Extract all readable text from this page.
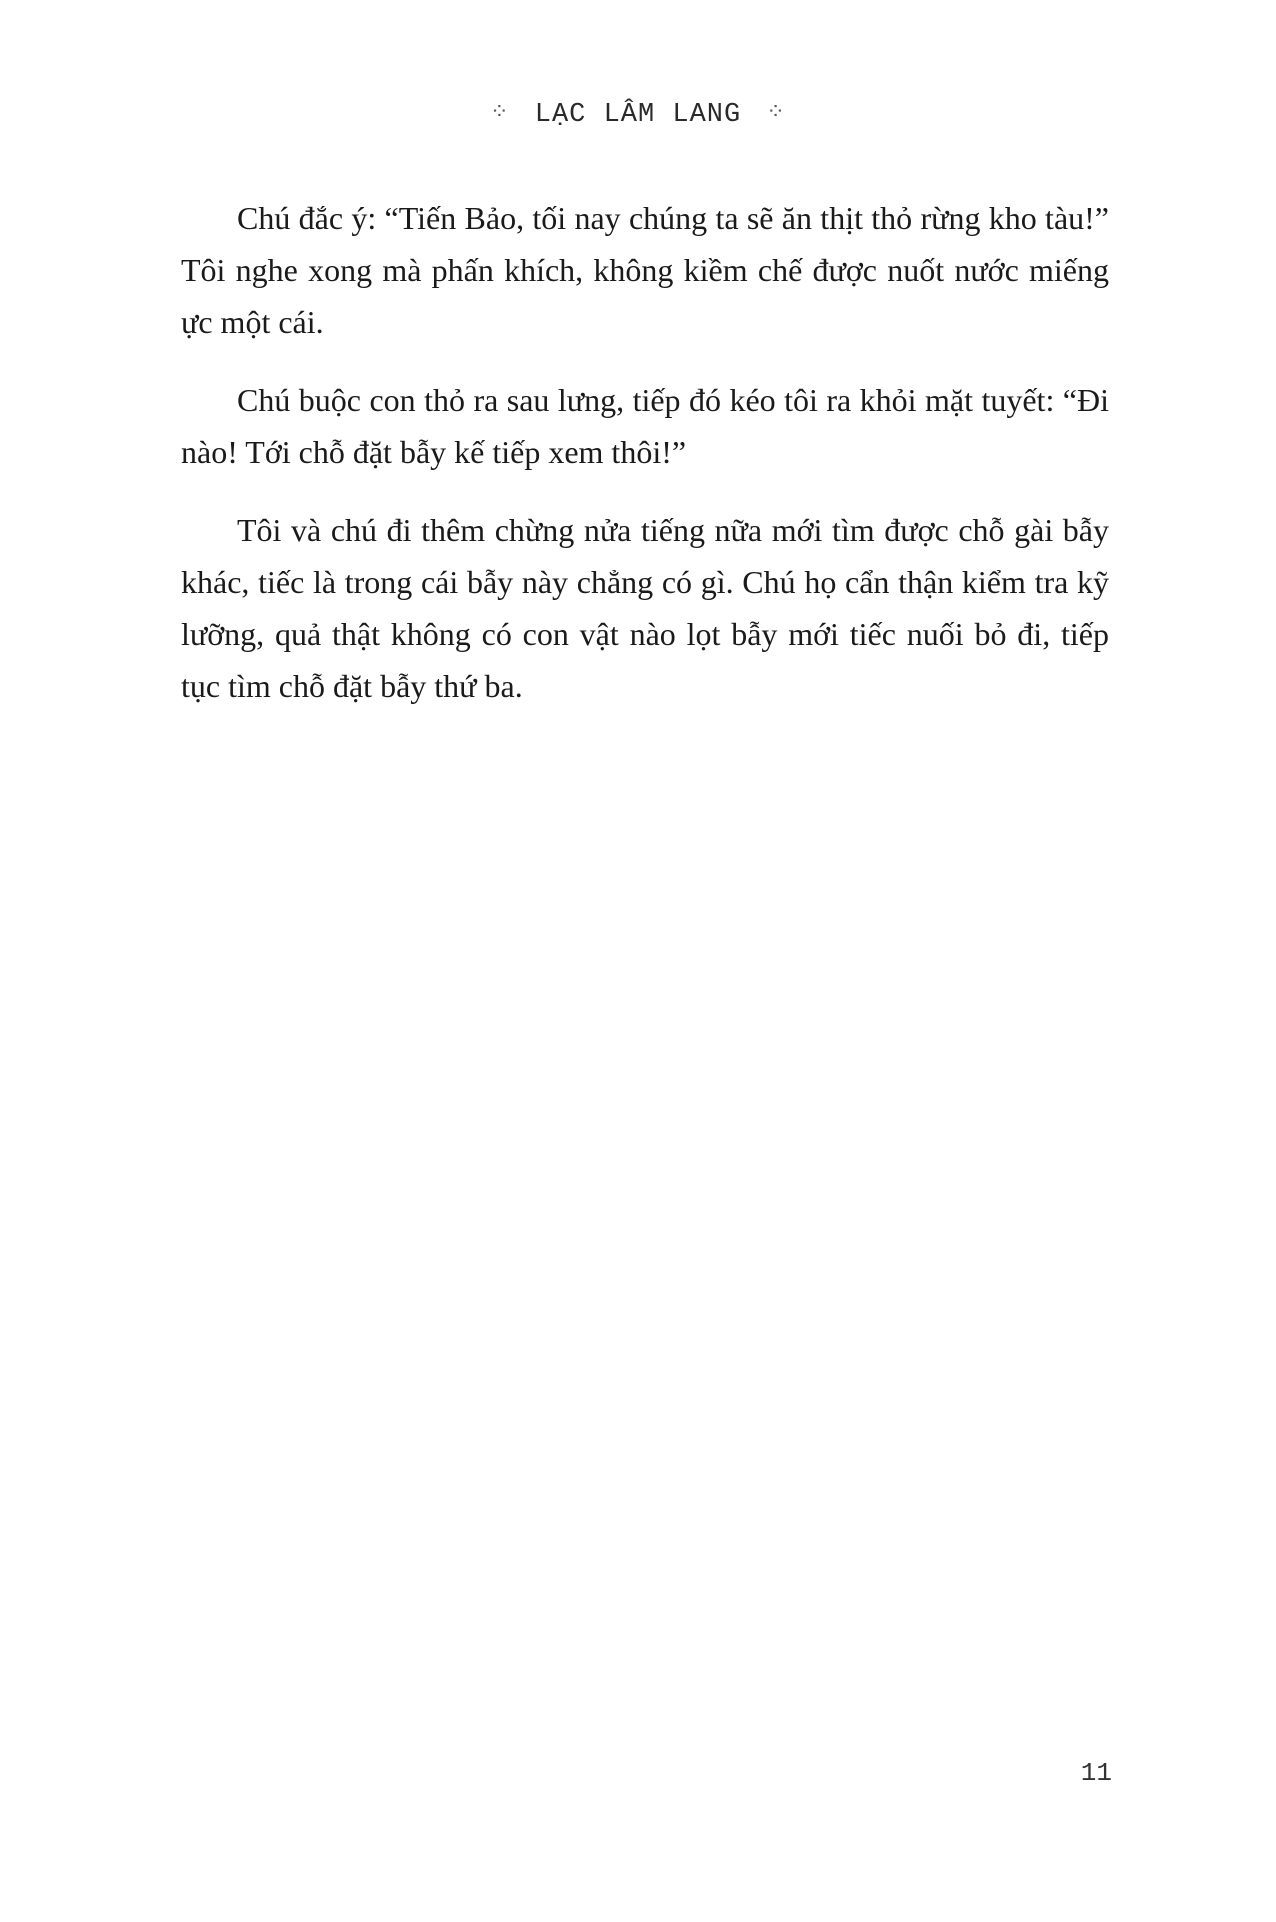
⁘ LẠC LÂM LANG ⁘

Chú đắc ý: “Tiến Bảo, tối nay chúng ta sẽ ăn thịt thỏ rừng kho tàu!” Tôi nghe xong mà phấn khích, không kiềm chế được nuốt nước miếng ực một cái.

Chú buộc con thỏ ra sau lưng, tiếp đó kéo tôi ra khỏi mặt tuyết: “Đi nào! Tới chỗ đặt bẫy kế tiếp xem thôi!”

Tôi và chú đi thêm chừng nửa tiếng nữa mới tìm được chỗ gài bẫy khác, tiếc là trong cái bẫy này chẳng có gì. Chú họ cẩn thận kiểm tra kỹ lưỡng, quả thật không có con vật nào lọt bẫy mới tiếc nuối bỏ đi, tiếp tục tìm chỗ đặt bẫy thứ ba.

11
